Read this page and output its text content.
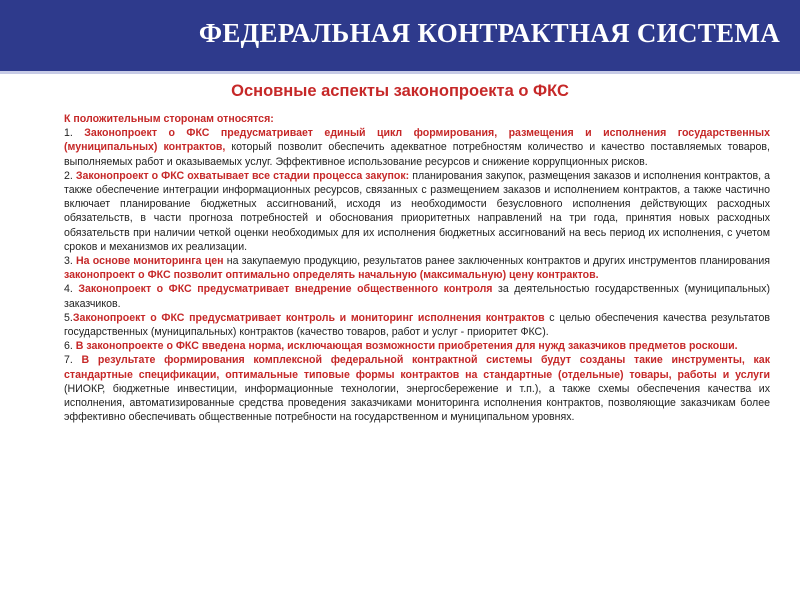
ФЕДЕРАЛЬНАЯ КОНТРАКТНАЯ СИСТЕМА
Основные аспекты законопроекта о ФКС

К положительным сторонам относятся:

1. Законопроект о ФКС предусматривает единый цикл формирования, размещения и исполнения государственных (муниципальных) контрактов, который позволит обеспечить адекватное потребностям количество и качество поставляемых товаров, выполняемых работ и оказываемых услуг. Эффективное использование ресурсов и снижение коррупционных рисков.

2. Законопроект о ФКС охватывает все стадии процесса закупок: планирования закупок, размещения заказов и исполнения контрактов, а также обеспечение интеграции информационных ресурсов, связанных с размещением заказов и исполнением контрактов, а также частично включает планирование бюджетных ассигнований, исходя из необходимости безусловного исполнения действующих расходных обязательств, в части прогноза потребностей и обоснования приоритетных направлений на три года, принятия новых расходных обязательств при наличии четкой оценки необходимых для их исполнения бюджетных ассигнований на весь период их исполнения, с учетом сроков и механизмов их реализации.

3. На основе мониторинга цен на закупаемую продукцию, результатов ранее заключенных контрактов и других инструментов планирования законопроект о ФКС позволит оптимально определять начальную (максимальную) цену контрактов.

4. Законопроект о ФКС предусматривает внедрение общественного контроля за деятельностью государственных (муниципальных) заказчиков.

5.Законопроект о ФКС предусматривает контроль и мониторинг исполнения контрактов с целью обеспечения качества результатов государственных (муниципальных) контрактов (качество товаров, работ и услуг - приоритет ФКС).

6. В законопроекте о ФКС введена норма, исключающая возможности приобретения для нужд заказчиков предметов роскоши.

7. В результате формирования комплексной федеральной контрактной системы будут созданы такие инструменты, как стандартные спецификации, оптимальные типовые формы контрактов на стандартные (отдельные) товары, работы и услуги (НИОКР, бюджетные инвестиции, информационные технологии, энергосбережение и т.п.), а также схемы обеспечения качества их исполнения, автоматизированные средства проведения заказчиками мониторинга исполнения контрактов, позволяющие заказчикам более эффективно обеспечивать общественные потребности на государственном и муниципальном уровнях.
